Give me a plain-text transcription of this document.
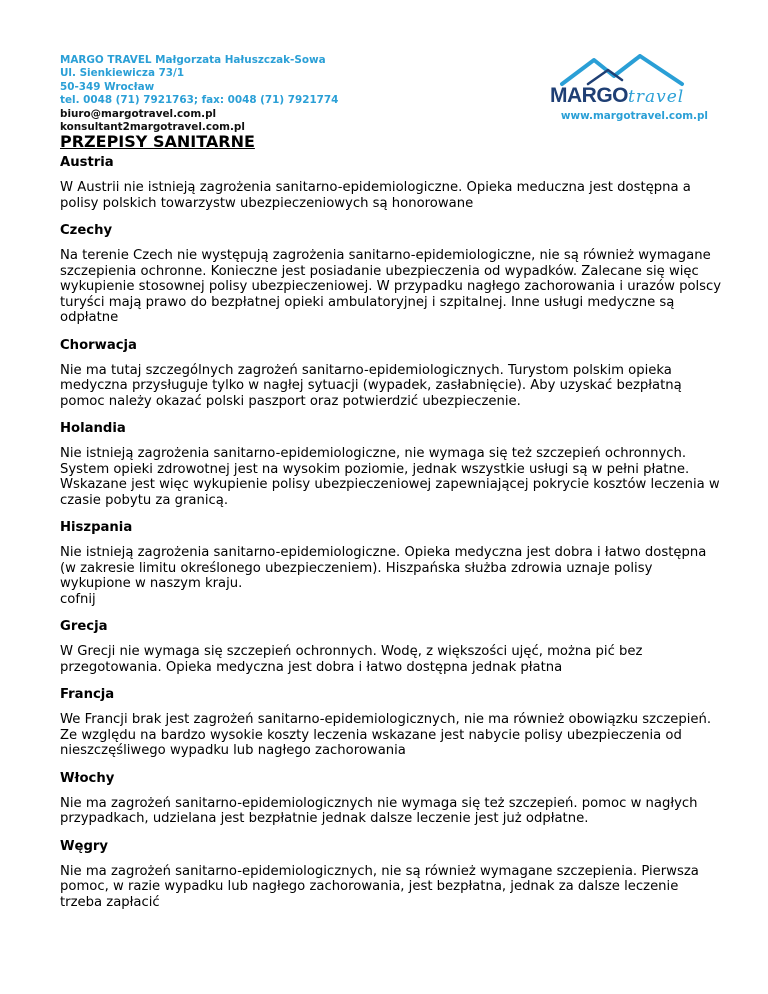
MARGO TRAVEL Małgorzata Hałuszczak-Sowa
Ul. Sienkiewicza 73/1
50-349 Wrocław
tel. 0048 (71) 7921763; fax: 0048 (71) 7921774
biuro@margotravel.com.pl
konsultant2margotravel.com.pl
MARGOtravel
www.margotravel.com.pl
PRZEPISY SANITARNE
Austria
W Austrii nie istnieją zagrożenia sanitarno-epidemiologiczne. Opieka meduczna jest dostępna a
polisy polskich towarzystw ubezpieczeniowych są honorowane
Czechy
Na terenie Czech nie występują zagrożenia sanitarno-epidemiologiczne, nie są również wymagane
szczepienia ochronne. Konieczne jest posiadanie ubezpieczenia od wypadków. Zalecane się więc
wykupienie stosownej polisy ubezpieczeniowej. W przypadku nagłego zachorowania i urazów polscy
turyści mają prawo do bezpłatnej opieki ambulatoryjnej i szpitalnej. Inne usługi medyczne są
odpłatne
Chorwacja
Nie ma tutaj szczególnych zagrożeń sanitarno-epidemiologicznych. Turystom polskim opieka
medyczna przysługuje tylko w nagłej sytuacji (wypadek, zasłabnięcie). Aby uzyskać bezpłatną
pomoc należy okazać polski paszport oraz potwierdzić ubezpieczenie.
Holandia
Nie istnieją zagrożenia sanitarno-epidemiologiczne, nie wymaga się też szczepień ochronnych.
System opieki zdrowotnej jest na wysokim poziomie, jednak wszystkie usługi są w pełni płatne.
Wskazane jest więc wykupienie polisy ubezpieczeniowej zapewniającej pokrycie kosztów leczenia w
czasie pobytu za granicą.
Hiszpania
Nie istnieją zagrożenia sanitarno-epidemiologiczne. Opieka medyczna jest dobra i łatwo dostępna
(w zakresie limitu określonego ubezpieczeniem). Hiszpańska służba zdrowia uznaje polisy
wykupione w naszym kraju.
cofnij
Grecja
W Grecji nie wymaga się szczepień ochronnych. Wodę, z większości ujęć, można pić bez
przegotowania. Opieka medyczna jest dobra i łatwo dostępna jednak płatna
Francja
We Francji brak jest zagrożeń sanitarno-epidemiologicznych, nie ma również obowiązku szczepień.
Ze względu na bardzo wysokie koszty leczenia wskazane jest nabycie polisy ubezpieczenia od
nieszczęśliwego wypadku lub nagłego zachorowania
Włochy
Nie ma zagrożeń sanitarno-epidemiologicznych nie wymaga się też szczepień. pomoc w nagłych
przypadkach, udzielana jest bezpłatnie jednak dalsze leczenie jest już odpłatne.
Węgry
Nie ma zagrożeń sanitarno-epidemiologicznych, nie są również wymagane szczepienia. Pierwsza
pomoc, w razie wypadku lub nagłego zachorowania, jest bezpłatna, jednak za dalsze leczenie
trzeba zapłacić
